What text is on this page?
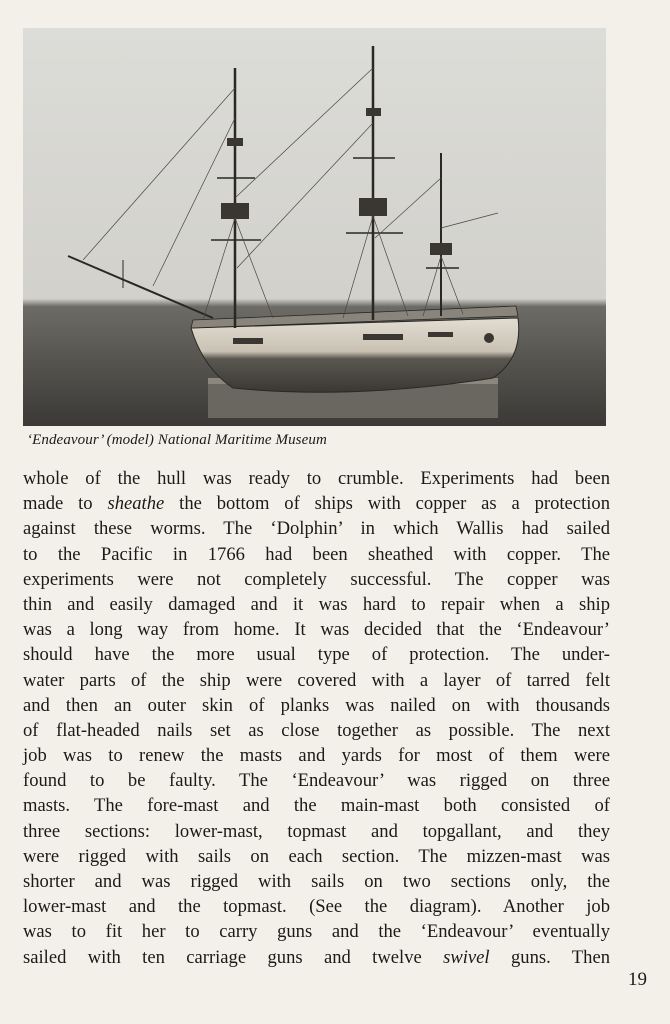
‘Endeavour’ (model) National Maritime Museum
whole of the hull was ready to crumble. Experiments had been
made to sheathe the bottom of ships with copper as a protection
against these worms. The ‘Dolphin’ in which Wallis had sailed
to the Pacific in 1766 had been sheathed with copper. The
experiments were not completely successful. The copper was
thin and easily damaged and it was hard to repair when a ship
was a long way from home. It was decided that the ‘Endeavour’
should have the more usual type of protection. The under-
water parts of the ship were covered with a layer of tarred felt
and then an outer skin of planks was nailed on with thousands
of flat-headed nails set as close together as possible. The next
job was to renew the masts and yards for most of them were
found to be faulty. The ‘Endeavour’ was rigged on three
masts. The fore-mast and the main-mast both consisted of
three sections: lower-mast, topmast and topgallant, and they
were rigged with sails on each section. The mizzen-mast was
shorter and was rigged with sails on two sections only, the
lower-mast and the topmast. (See the diagram). Another job
was to fit her to carry guns and the ‘Endeavour’ eventually
sailed with ten carriage guns and twelve swivel guns. Then
19
